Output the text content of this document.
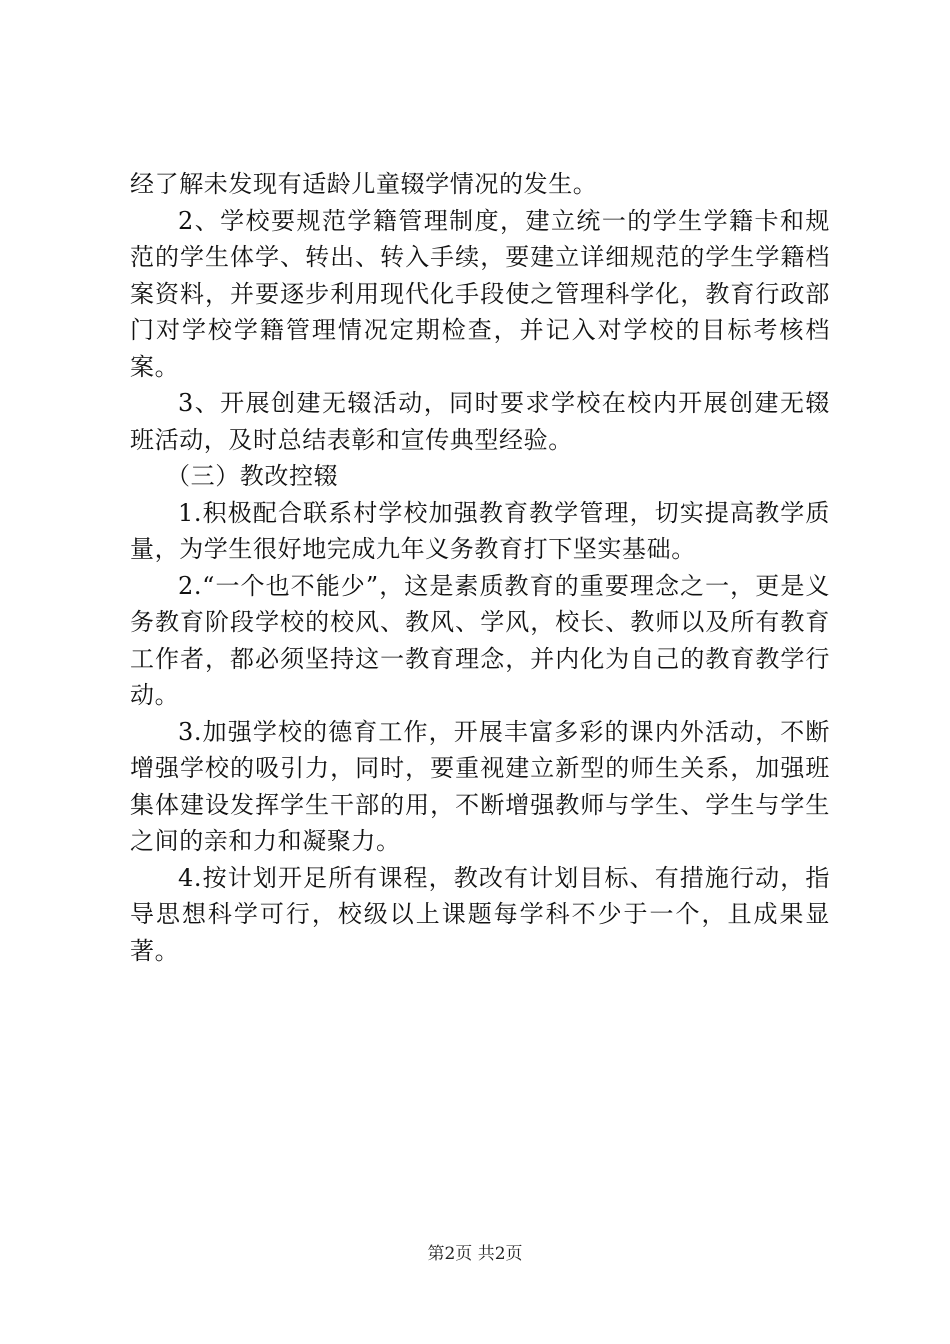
经了解未发现有适龄儿童辍学情况的发生。

2、学校要规范学籍管理制度，建立统一的学生学籍卡和规范的学生体学、转出、转入手续，要建立详细规范的学生学籍档案资料，并要逐步利用现代化手段使之管理科学化，教育行政部门对学校学籍管理情况定期检查，并记入对学校的目标考核档案。

3、开展创建无辍活动，同时要求学校在校内开展创建无辍班活动，及时总结表彰和宣传典型经验。

（三）教改控辍

1.积极配合联系村学校加强教育教学管理，切实提高教学质量，为学生很好地完成九年义务教育打下坚实基础。

2.“一个也不能少”，这是素质教育的重要理念之一，更是义务教育阶段学校的校风、教风、学风，校长、教师以及所有教育工作者，都必须坚持这一教育理念，并内化为自己的教育教学行动。

3.加强学校的德育工作，开展丰富多彩的课内外活动，不断增强学校的吸引力，同时，要重视建立新型的师生关系，加强班集体建设发挥学生干部的用，不断增强教师与学生、学生与学生之间的亲和力和凝聚力。

4.按计划开足所有课程，教改有计划目标、有措施行动，指导思想科学可行，校级以上课题每学科不少于一个，且成果显著。

第2页 共2页
